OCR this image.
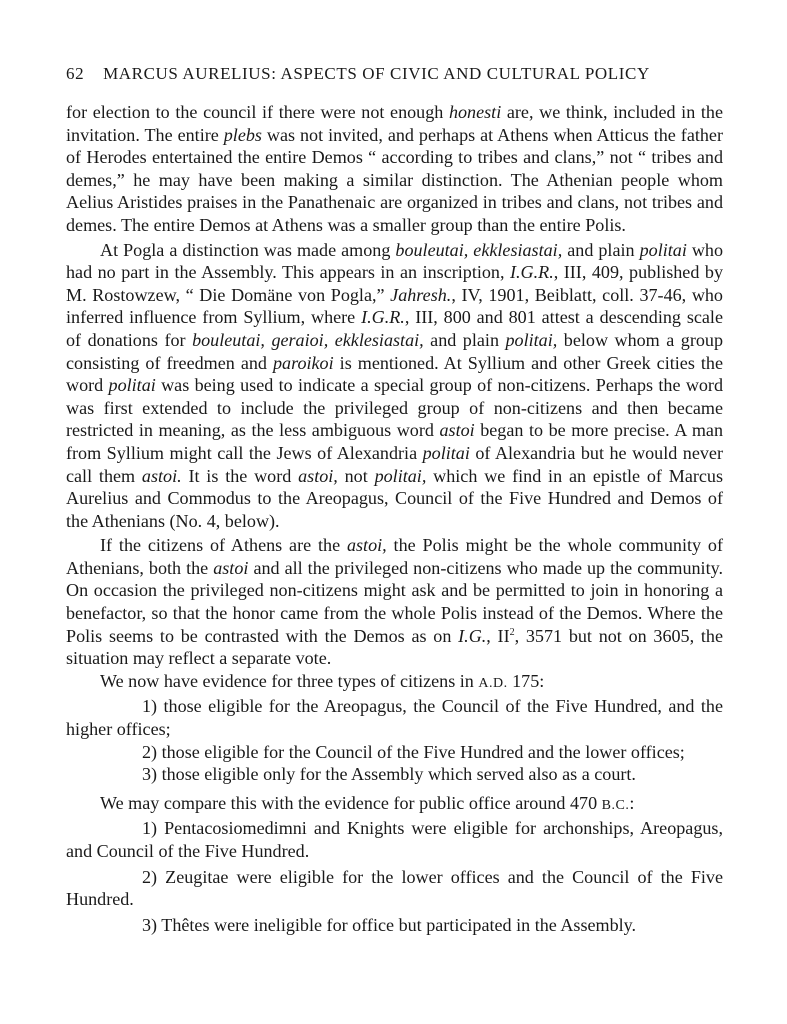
62 MARCUS AURELIUS: ASPECTS OF CIVIC AND CULTURAL POLICY

for election to the council if there were not enough honesti are, we think, included in the invitation. The entire plebs was not invited, and perhaps at Athens when Atticus the father of Herodes entertained the entire Demos “ according to tribes and clans,” not “ tribes and demes,” he may have been making a similar distinction. The Athenian people whom Aelius Aristides praises in the Panathenaic are organized in tribes and clans, not tribes and demes. The entire Demos at Athens was a smaller group than the entire Polis.

At Pogla a distinction was made among bouleutai, ekklesiastai, and plain politai who had no part in the Assembly. This appears in an inscription, I.G.R., III, 409, published by M. Rostowzew, “ Die Domäne von Pogla,” Jahresh., IV, 1901, Beiblatt, coll. 37-46, who inferred influence from Syllium, where I.G.R., III, 800 and 801 attest a descending scale of donations for bouleutai, geraioi, ekklesiastai, and plain politai, below whom a group consisting of freedmen and paroikoi is mentioned. At Syllium and other Greek cities the word politai was being used to indicate a special group of non-citizens. Perhaps the word was first extended to include the privileged group of non-citizens and then became restricted in meaning, as the less ambiguous word astoi began to be more precise. A man from Syllium might call the Jews of Alexandria politai of Alexandria but he would never call them astoi. It is the word astoi, not politai, which we find in an epistle of Marcus Aurelius and Commodus to the Areopagus, Council of the Five Hundred and Demos of the Athenians (No. 4, below).

If the citizens of Athens are the astoi, the Polis might be the whole community of Athenians, both the astoi and all the privileged non-citizens who made up the community. On occasion the privileged non-citizens might ask and be permitted to join in honoring a benefactor, so that the honor came from the whole Polis instead of the Demos. Where the Polis seems to be contrasted with the Demos as on I.G., $II^2$, 3571 but not on 3605, the situation may reflect a separate vote.

We now have evidence for three types of citizens in A.D. 175:

1) those eligible for the Areopagus, the Council of the Five Hundred, and the higher offices;

2) those eligible for the Council of the Five Hundred and the lower offices;

3) those eligible only for the Assembly which served also as a court.

We may compare this with the evidence for public office around 470 B.C.:

1) Pentacosiomedimni and Knights were eligible for archonships, Areopagus, and Council of the Five Hundred.

2) Zeugitae were eligible for the lower offices and the Council of the Five Hundred.

3) Thêtes were ineligible for office but participated in the Assembly.
